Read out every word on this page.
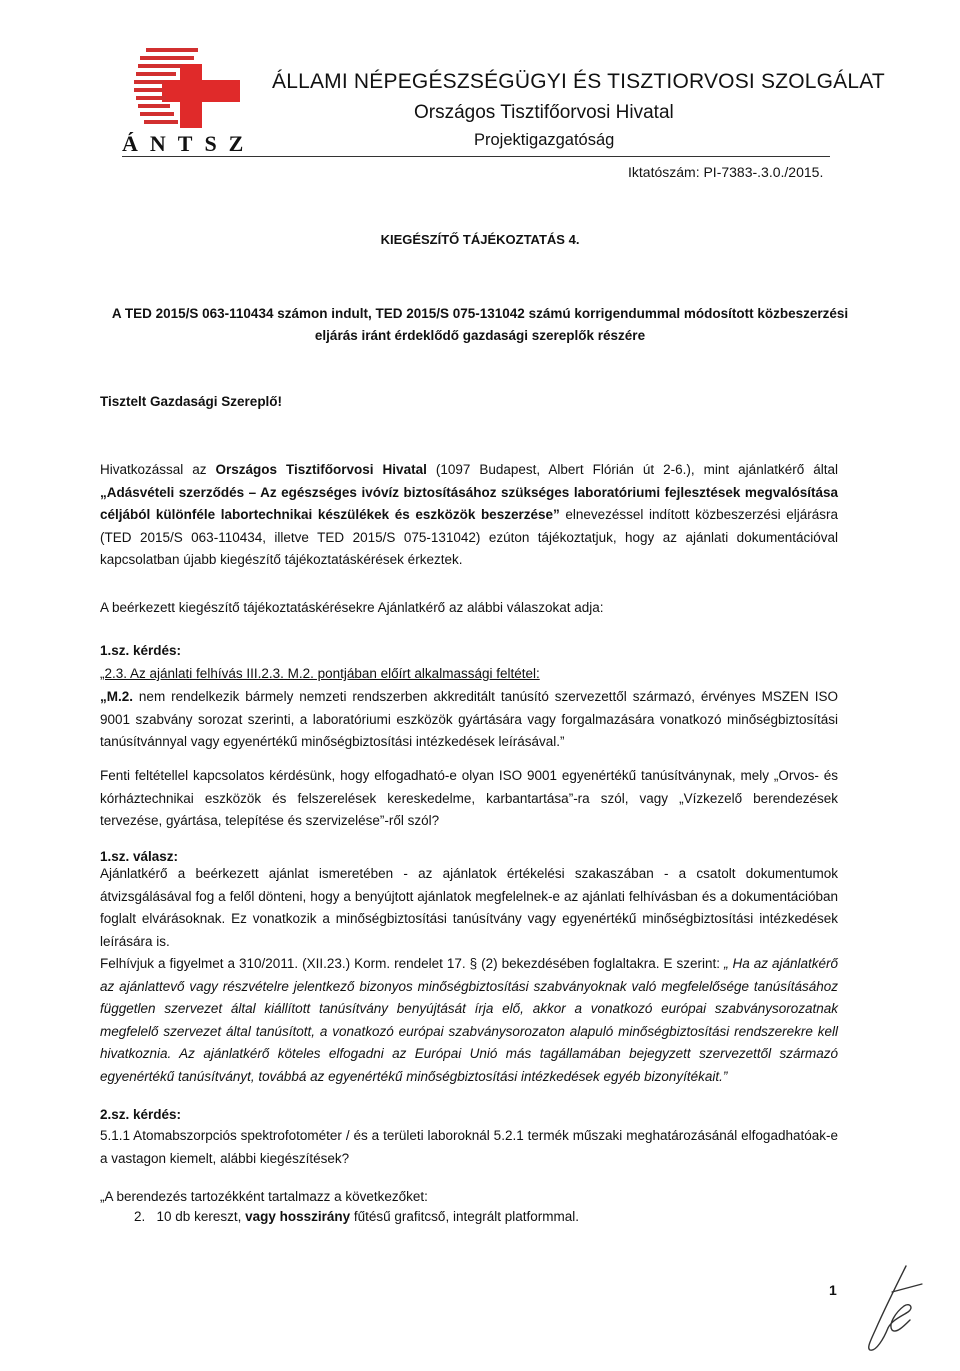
ÁNTSZ
ÁLLAMI NÉPEGÉSZSÉGÜGYI ÉS TISZTIORVOSI SZOLGÁLAT
Országos Tisztifőorvosi Hivatal
Projektigazgatóság
Iktatószám: PI-7383-.3.0./2015.
KIEGÉSZÍTŐ TÁJÉKOZTATÁS 4.
A TED 2015/S 063-110434 számon indult, TED 2015/S 075-131042 számú korrigendummal módosított közbeszerzési eljárás iránt érdeklődő gazdasági szereplők részére
Tisztelt Gazdasági Szereplő!

Hivatkozással az Országos Tisztifőorvosi Hivatal (1097 Budapest, Albert Flórián út 2-6.), mint ajánlatkérő által „Adásvételi szerződés – Az egészséges ivóvíz biztosításához szükséges laboratóriumi fejlesztések megvalósítása céljából különféle labortechnikai készülékek és eszközök beszerzése” elnevezéssel indított közbeszerzési eljárásra (TED 2015/S 063-110434, illetve TED 2015/S 075-131042) ezúton tájékoztatjuk, hogy az ajánlati dokumentációval kapcsolatban újabb kiegészítő tájékoztatáskérések érkeztek.

A beérkezett kiegészítő tájékoztatáskérésekre Ajánlatkérő az alábbi válaszokat adja:
1.sz. kérdés:
„2.3. Az ajánlati felhívás III.2.3. M.2. pontjában előírt alkalmassági feltétel:

„M.2. nem rendelkezik bármely nemzeti rendszerben akkreditált tanúsító szervezettől származó, érvényes MSZEN ISO 9001 szabvány sorozat szerinti, a laboratóriumi eszközök gyártására vagy forgalmazására vonatkozó minőségbiztosítási tanúsítvánnyal vagy egyenértékű minőségbiztosítási intézkedések leírásával.”

Fenti feltétellel kapcsolatos kérdésünk, hogy elfogadható-e olyan ISO 9001 egyenértékű tanúsítványnak, mely „Orvos- és kórháztechnikai eszközök és felszerelések kereskedelme, karbantartása”-ra szól, vagy „Vízkezelő berendezések tervezése, gyártása, telepítése és szervizelése”-ről szól?
1.sz. válasz:

Ajánlatkérő a beérkezett ajánlat ismeretében - az ajánlatok értékelési szakaszában - a csatolt dokumentumok átvizsgálásával fog a felől dönteni, hogy a benyújtott ajánlatok megfelelnek-e az ajánlati felhívásban és a dokumentációban foglalt elvárásoknak. Ez vonatkozik a minőségbiztosítási tanúsítvány vagy egyenértékű minőségbiztosítási intézkedések leírására is.

Felhívjuk a figyelmet a 310/2011. (XII.23.) Korm. rendelet 17. § (2) bekezdésében foglaltakra. E szerint: „ Ha az ajánlatkérő az ajánlattevő vagy részvételre jelentkező bizonyos minőségbiztosítási szabványoknak való megfelelősége tanúsításához független szervezet által kiállított tanúsítvány benyújtását írja elő, akkor a vonatkozó európai szabványsorozatnak megfelelő szervezet által tanúsított, a vonatkozó európai szabványsorozaton alapuló minőségbiztosítási rendszerekre kell hivatkoznia. Az ajánlatkérő köteles elfogadni az Európai Unió más tagállamában bejegyzett szervezettől származó egyenértékű tanúsítványt, továbbá az egyenértékű minőségbiztosítási intézkedések egyéb bizonyítékait.”

2.sz. kérdés:
5.1.1 Atomabszorpciós spektrofotométer / és a területi laboroknál 5.2.1 termék műszaki meghatározásánál elfogadhatóak-e a vastagon kiemelt, alábbi kiegészítések?
„A berendezés tartozékként tartalmazz a következőket:

2. 10 db kereszt, vagy hosszirány fűtésű grafitcső, integrált platformmal.

1
